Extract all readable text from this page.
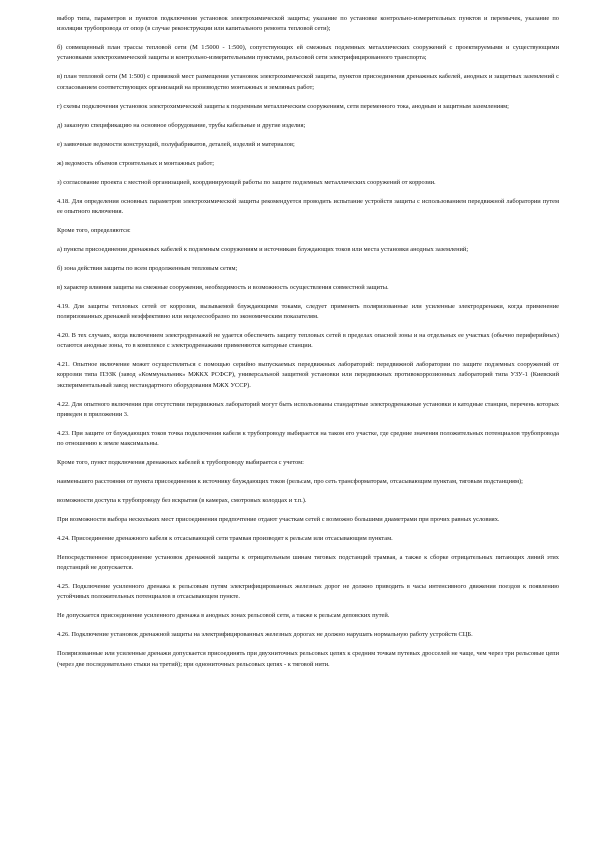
выбор типа, параметров и пунктов подключения установок электрохимической защиты; указание по установке контрольно-измерительных пунктов и перемычек, указание по изоляции трубопровода от опор (в случае реконструкции или капитального ремонта тепловой сети);

б) совмещенный план трассы тепловой сети (М 1:5000 - 1:500), сопутствующих ей смежных подземных металлических сооружений с проектируемыми и существующими установками электрохимической защиты и контрольно-измерительными пунктами, рельсовой сети электрифицированного транспорта;

в) план тепловой сети (М 1:500) с привязкой мест размещения установок электрохимической защиты, пунктов присоединения дренажных кабелей, анодных и защитных заземлений с согласованием соответствующих организаций на производство монтажных и земляных работ;

г) схемы подключения установок электрохимической защиты к подземным металлическим сооружениям, сети переменного тока, анодным и защитным заземлениям;

д) заказную спецификацию на основное оборудование, трубы кабельные и другие изделия;

е) заявочные ведомости конструкций, полуфабрикатов, деталей, изделий и материалов;

ж) ведомость объемов строительных и монтажных работ;

з) согласование проекта с местной организацией, координирующей работы по защите подземных металлических сооружений от коррозии.

4.18. Для определения основных параметров электрохимической защиты рекомендуется проводить испытание устройств защиты с использованием передвижной лаборатории путем ее опытного включения.

Кроме того, определяются:

а) пункты присоединения дренажных кабелей к подземным сооружениям и источникам блуждающих токов или места установки анодных заземлений;

б) зона действия защиты по всем продолженным тепловым сетям;

в) характер влияния защиты на смежные сооружения, необходимость и возможность осуществления совместной защиты.

4.19. Для защиты тепловых сетей от коррозии, вызываемой блуждающими токами, следует применять поляризованные или усиленные электродренажи, когда применение поляризованных дренажей неэффективно или нецелесообразно по экономическим показателям.

4.20. В тех случаях, когда включением электродренажей не удается обеспечить защиту тепловых сетей в пределах опасной зоны и на отдельных ее участках (обычно периферийных) остаются анодные зоны, то в комплексе с электродренажами применяются катодные станции.

4.21. Опытное включение может осуществляться с помощью серийно выпускаемых передвижных лабораторий: передвижной лаборатории по защите подземных сооружений от коррозии типа ПЭЗК (завод «Коммунальник» МЖКХ РСФСР), универсальной защитной установки или передвижных противокоррозионных лабораторий типа УЗУ-1 (Киевский экспериментальный завод нестандартного оборудования МЖХ УССР).

4.22. Для опытного включения при отсутствии передвижных лабораторий могут быть использованы стандартные электродренажные установки и катодные станции, перечень которых приведен в приложении 3.

4.23. При защите от блуждающих токов точка подключения кабеля к трубопроводу выбирается на таком его участке, где средние значения положительных потенциалов трубопровода по отношению к земле максимальны.

Кроме того, пункт подключения дренажных кабелей к трубопроводу выбирается с учетом:

наименьшего расстояния от пункта присоединения к источнику блуждающих токов (рельсам, про сеть трансформаторам, отсасывающим пунктам, тяговым подстанциям);

возможности доступа к трубопроводу без вскрытия (в камерах, смотровых колодцах и т.п.).

При возможности выбора нескольких мест присоединения предпочтение отдают участкам сетей с возможно большими диаметрами при прочих равных условиях.

4.24. Присоединение дренажного кабеля к отсасывающей сети трамвая производят к рельсам или отсасывающим пунктам.

Непосредственное присоединение установок дренажной защиты к отрицательным шинам тяговых подстанций трамвая, а также к сборке отрицательных питающих линий этих подстанций не допускается.

4.25. Подключение усиленного дренажа к рельсовым путям электрифицированных железных дорог не должно приводить в часы интенсивного движения поездов к появлению устойчивых положительных потенциалов в отсасывающем пункте.

Не допускается присоединение усиленного дренажа в анодных зонах рельсовой сети, а также к рельсам деповских путей.

4.26. Подключение установок дренажной защиты на электрифицированных железных дорогах не должно нарушать нормальную работу устройств СЦБ.

Поляризованные или усиленные дренажи допускается присоединять при двухниточных рельсовых цепях к средним точкам путевых дросселей не чаще, чем через три рельсовые цепи (через две последовательно стыки на третий); при однониточных рельсовых цепях - к тяговой нити.
